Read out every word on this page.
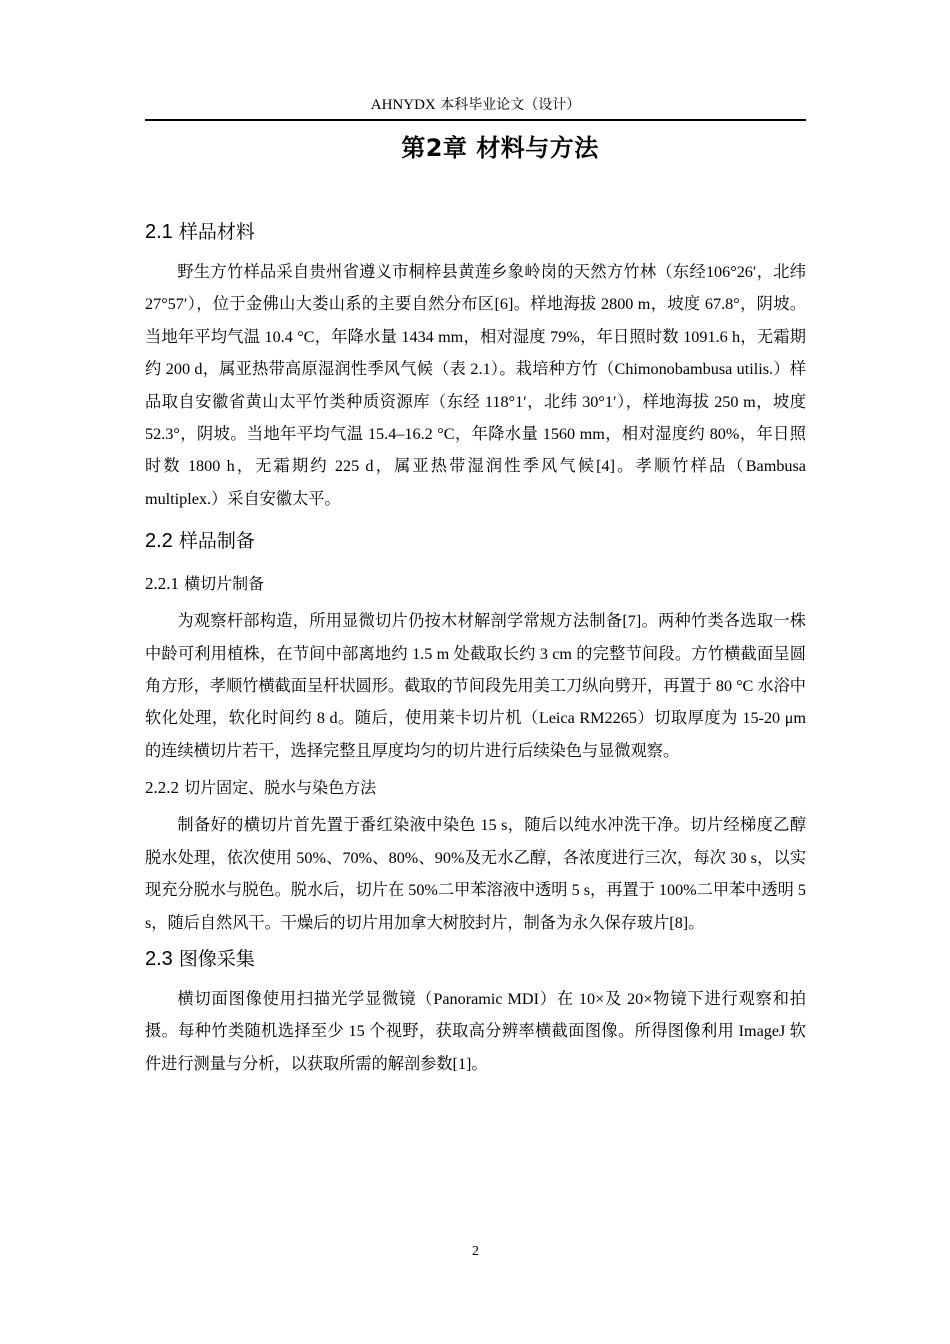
AHNYDX 本科毕业论文（设计）
第2章 材料与方法
2.1 样品材料

野生方竹样品采自贵州省遵义市桐梓县黄莲乡象岭岗的天然方竹林（东经106°26′，北纬 27°57′），位于金佛山大娄山系的主要自然分布区[6]。样地海拔 2800 m，坡度 67.8°，阴坡。当地年平均气温 10.4 °C，年降水量 1434 mm，相对湿度 79%，年日照时数 1091.6 h，无霜期约 200 d，属亚热带高原湿润性季风气候（表 2.1）。栽培种方竹（Chimonobambusa utilis.）样品取自安徽省黄山太平竹类种质资源库（东经 118°1′，北纬 30°1′），样地海拔 250 m，坡度 52.3°，阴坡。当地年平均气温 15.4–16.2 °C，年降水量 1560 mm，相对湿度约 80%，年日照时数 1800 h，无霜期约 225 d，属亚热带湿润性季风气候[4]。孝顺竹样品（Bambusa multiplex.）采自安徽太平。

2.2 样品制备
2.2.1 横切片制备

为观察杆部构造，所用显微切片仍按木材解剖学常规方法制备[7]。两种竹类各选取一株中龄可利用植株，在节间中部离地约 1.5 m 处截取长约 3 cm 的完整节间段。方竹横截面呈圆角方形，孝顺竹横截面呈杆状圆形。截取的节间段先用美工刀纵向劈开，再置于 80 °C 水浴中软化处理，软化时间约 8 d。随后，使用莱卡切片机（Leica RM2265）切取厚度为 15-20 μm 的连续横切片若干，选择完整且厚度均匀的切片进行后续染色与显微观察。

2.2.2 切片固定、脱水与染色方法

制备好的横切片首先置于番红染液中染色 15 s，随后以纯水冲洗干净。切片经梯度乙醇脱水处理，依次使用 50%、70%、80%、90%及无水乙醇，各浓度进行三次，每次 30 s，以实现充分脱水与脱色。脱水后，切片在 50%二甲苯溶液中透明 5 s，再置于 100%二甲苯中透明 5 s，随后自然风干。干燥后的切片用加拿大树胶封片，制备为永久保存玻片[8]。

2.3 图像采集

横切面图像使用扫描光学显微镜（Panoramic MDI）在 10×及 20×物镜下进行观察和拍摄。每种竹类随机选择至少 15 个视野，获取高分辨率横截面图像。所得图像利用 ImageJ 软件进行测量与分析，以获取所需的解剖参数[1]。

2
